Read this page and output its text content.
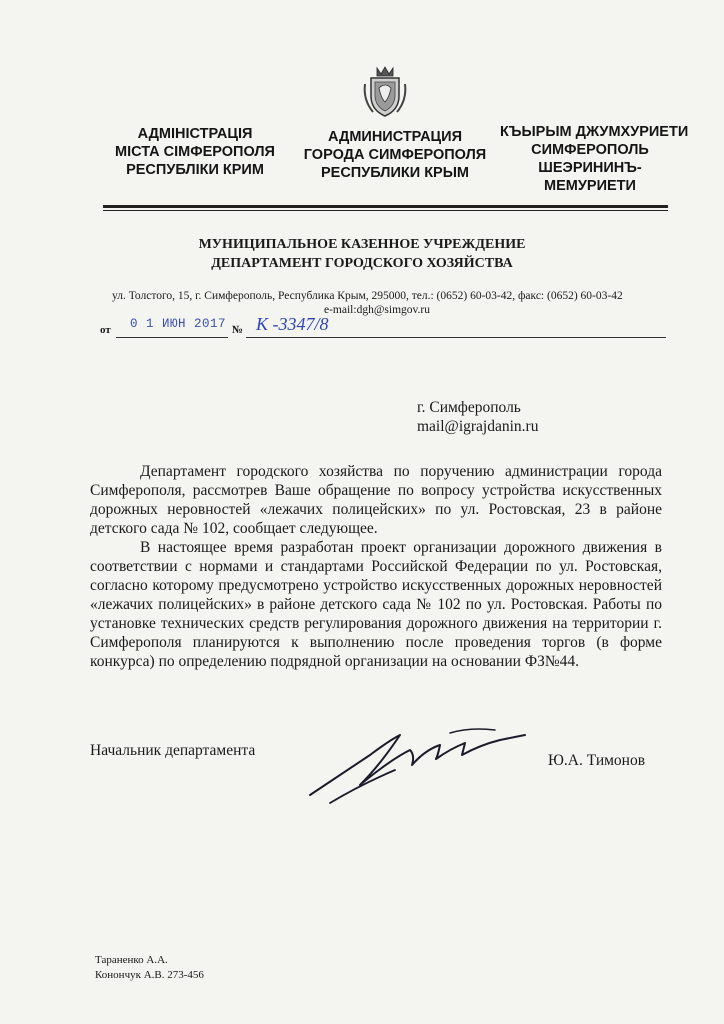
АДМІНІСТРАЦІЯ
МІСТА СІМФЕРОПОЛЯ
РЕСПУБЛІКИ КРИМ
АДМИНИСТРАЦИЯ
ГОРОДА СИМФЕРОПОЛЯ
РЕСПУБЛИКИ КРЫМ
КЪЫРЫМ ДЖУМХУРИЕТИ
СИМФЕРОПОЛЬ
ШЕЭРИНИНЪ-
МЕМУРИЕТИ
МУНИЦИПАЛЬНОЕ КАЗЕННОЕ УЧРЕЖДЕНИЕ
ДЕПАРТАМЕНТ ГОРОДСКОГО ХОЗЯЙСТВА
ул. Толстого, 15, г. Симферополь, Республика Крым, 295000, тел.: (0652) 60-03-42, факс: (0652) 60-03-42
e-mail:dgh@simgov.ru
от 0 1 ИЮН 2017 № К -3347/8
г. Симферополь
mail@igrajdanin.ru

Департамент городского хозяйства по поручению администрации города Симферополя, рассмотрев Ваше обращение по вопросу устройства искусственных дорожных неровностей «лежачих полицейских» по ул. Ростовская, 23 в районе детского сада № 102, сообщает следующее.

В настоящее время разработан проект организации дорожного движения в соответствии с нормами и стандартами Российской Федерации по ул. Ростовская, согласно которому предусмотрено устройство искусственных дорожных неровностей «лежачих полицейских» в районе детского сада № 102 по ул. Ростовская. Работы по установке технических средств регулирования дорожного движения на территории г. Симферополя планируются к выполнению после проведения торгов (в форме конкурса) по определению подрядной организации на основании ФЗ№44.

Начальник департамента
Ю.А. Тимонов
Тараненко А.А.
Конончук А.В. 273-456
